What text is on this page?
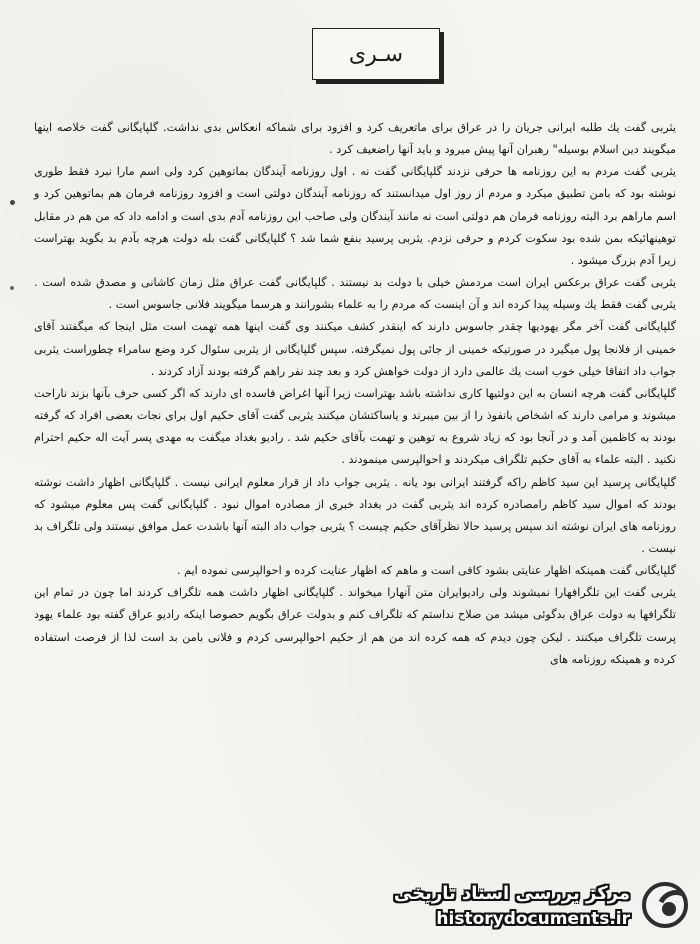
سـرى

يثربى گفت يك طلبه ايرانى جريان را در عراق براى ماتعريف كرد و افزود براى شماكه انعكاس بدى نداشت. گلپايگانى گفت خلاصه اينها ميگويند دين اسلام بوسيله" رهبران آنها پيش ميرود و بايد آنها راضعيف كرد .

يثربى گفت مردم به اين روزنامه ها حرفى نزدند گلپايگانى گفت نه . اول روزنامه آيندگان بماتوهين كرد ولى اسم مارا نبرد فقط طورى نوشته بود كه بامن تطبيق ميكرد و مردم از روز اول ميدانستند كه روزنامه آيندگان دولتى است و افزود روزنامه فرمان هم بماتوهين كرد و اسم ماراهم برد البته روزنامه فرمان هم دولتى است نه مانند آيندگان ولى صاحب اين روزنامه آدم بدى است و ادامه داد كه من هم در مقابل توهينهائيكه بمن شده بود سكوت كردم و حرفى نزدم. يثربى پرسيد بنفع شما شد ؟ گلپايگانى گفت بله دولت هرچه بآدم بد بگويد بهتراست زيرا آدم بزرگ ميشود .

يثربى گفت عراق برعكس ايران است مردمش خيلى با دولت بد نيستند . گلپايگانى گفت عراق مثل زمان كاشانى و مصدق شده است . يثربى گفت فقط يك وسيله پيدا كرده اند و آن اينست كه مردم را به علماء بشورانند و هرسما ميگويند فلانى جاسوس است .

گلپايگانى گفت آخر مگر يهوديها چقدر جاسوس دارند كه اينقدر كشف ميكنند وى گفت اينها همه تهمت است مثل اينجا كه ميگفتند آقاى خمينى از فلانجا پول ميگيرد در صورتيكه خمينى از جائى پول نميگرفته. سپس گلپايگانى از يثربى سئوال كرد وضع سامراء چطوراست يثربى جواب داد اتفاقا خيلى خوب است يك عالمى دارد از دولت خواهش كرد و بعد چند نفر راهم گرفته بودند آزاد كردند .

گلپايگانى گفت هرچه انسان به اين دولتيها كارى نداشته باشد بهتراست زيرا آنها اغراض فاسده اى دارند كه اگر كسى حرف بآنها بزند ناراحت ميشوند و مرامى دارند كه اشخاص بانفوذ را از بين ميبرند و ياساكتشان ميكنند يثربى گفت آقاى حكيم اول براى نجات بعضى افراد كه گرفته بودند به كاظمين آمد و در آنجا بود كه زياد شروع به توهين و تهمت بآقاى حكيم شد . راديو بغداد ميگفت به مهدى پسر آيت اله حكيم احترام نكنيد . البته علماء به آقاى حكيم تلگراف ميكردند و احوالپرسى مينمودند .

گلپايگانى پرسيد اين سيد كاظم راكه گرفتند ايرانى بود يانه . يثربى جواب داد از قرار معلوم ايرانى نيست . گلپايگانى اظهار داشت نوشته بودند كه اموال سيد كاظم رامصادره كرده اند يثربى گفت در بغداد خبرى از مصادره اموال نبود . گلپايگانى گفت پس معلوم ميشود كه روزنامه هاى ايران نوشته اند سپس پرسيد حالا نظرآقاى حكيم چيست ؟ يثربى جواب داد البته آنها باشدت عمل موافق نيستند ولى تلگراف بد نيست .

گلپايگانى گفت همينكه اظهار عنايتى بشود كافى است و ماهم كه اظهار عنايت كرده و احوالپرسى نموده ايم .

يثربى گفت اين تلگرافهارا نميشوند ولى راديوايران متن آنهارا ميخواند . گلپايگانى اظهار داشت همه تلگراف كردند اما چون در تمام اين تلگرافها به دولت عراق بدگوئى ميشد من صلاح نداستم كه تلگراف كنم و بدولت عراق بگويم حصوصا اينكه راديو عراق گفته بود علماء يهود پرست تلگراف ميكنند . ليكن چون ديدم كه همه كرده اند من هم از حكيم احوالپرسى كردم و فلانى بامن بد است لذا از فرصت استفاده كرده و همينكه روزنامه هاى

مركز بررسى اسناد تاريخى
historydocuments.ir
